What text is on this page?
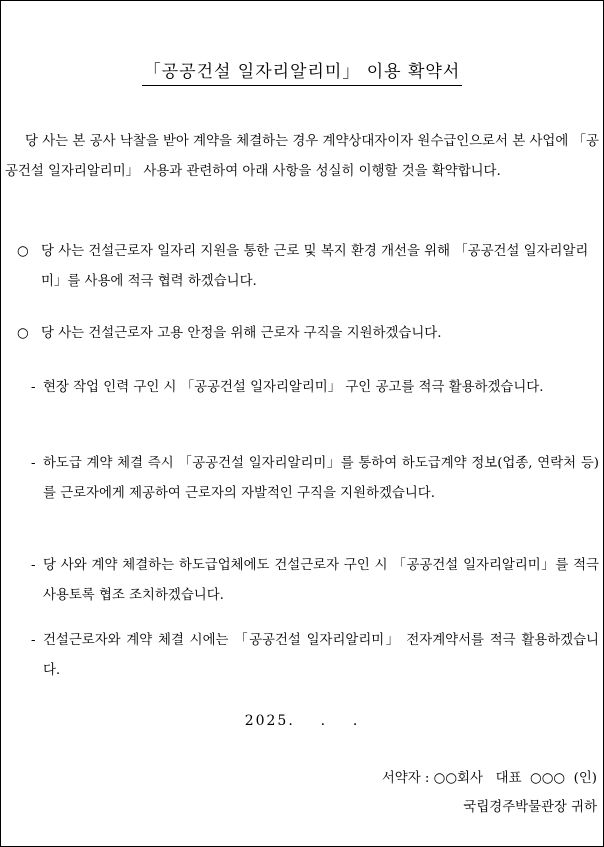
「공공건설 일자리알리미」 이용 확약서
당 사는 본 공사 낙찰을 받아 계약을 체결하는 경우 계약상대자이자 원수급인으로서 본 사업에 「공공건설 일자리알리미」 사용과 관련하여 아래 사항을 성실히 이행할 것을 확약합니다.
○ 당 사는 건설근로자 일자리 지원을 통한 근로 및 복지 환경 개선을 위해 「공공건설 일자리알리미」를 사용에 적극 협력 하겠습니다.
○ 당 사는 건설근로자 고용 안정을 위해 근로자 구직을 지원하겠습니다.
- 현장 작업 인력 구인 시 「공공건설 일자리알리미」 구인 공고를 적극 활용하겠습니다.
- 하도급 계약 체결 즉시 「공공건설 일자리알리미」를 통하여 하도급계약 정보(업종, 연락처 등)를 근로자에게 제공하여 근로자의 자발적인 구직을 지원하겠습니다.
- 당 사와 계약 체결하는 하도급업체에도 건설근로자 구인 시 「공공건설 일자리알리미」를 적극 사용토록 협조 조치하겠습니다.
- 건설근로자와 계약 체결 시에는 「공공건설 일자리알리미」 전자계약서를 적극 활용하겠습니다.
2025.    .    .
서약자 : ○○회사   대표  ○○○  (인)
국립경주박물관장 귀하
